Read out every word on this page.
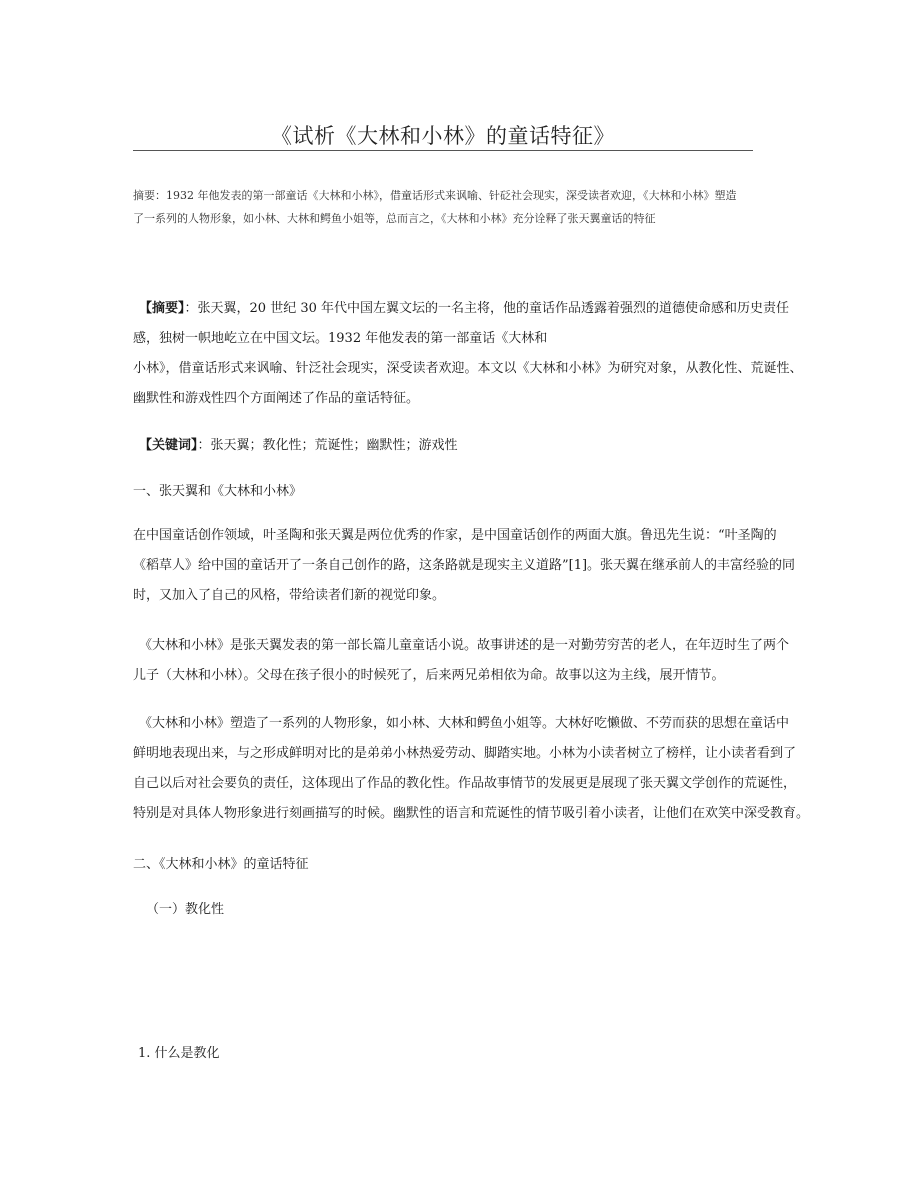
《试析《大林和小林》的童话特征》
摘要：1932 年他发表的第一部童话《大林和小林》，借童话形式来讽喻、针砭社会现实，深受读者欢迎，《大林和小林》塑造
了一系列的人物形象，如小林、大林和鳄鱼小姐等，总而言之，《大林和小林》充分诠释了张天翼童话的特征
【摘要】：张天翼，20 世纪 30 年代中国左翼文坛的一名主将，他的童话作品透露着强烈的道德使命感和历史责任
感，独树一帜地屹立在中国文坛。1932 年他发表的第一部童话《大林和
小林》，借童话形式来讽喻、针泛社会现实，深受读者欢迎。本文以《大林和小林》为研究对象，从教化性、荒诞性、
幽默性和游戏性四个方面阐述了作品的童话特征。
【关键词】：张天翼；教化性；荒诞性；幽默性；游戏性
一、张天翼和《大林和小林》
在中国童话创作领域，叶圣陶和张天翼是两位优秀的作家，是中国童话创作的两面大旗。鲁迅先生说：“叶圣陶的
《稻草人》给中国的童话开了一条自己创作的路，这条路就是现实主义道路”[1]。张天翼在继承前人的丰富经验的同
时，又加入了自己的风格，带给读者们新的视觉印象。
《大林和小林》是张天翼发表的第一部长篇儿童童话小说。故事讲述的是一对勤劳穷苦的老人，在年迈时生了两个
儿子（大林和小林）。父母在孩子很小的时候死了，后来两兄弟相依为命。故事以这为主线，展开情节。
《大林和小林》塑造了一系列的人物形象，如小林、大林和鳄鱼小姐等。大林好吃懒做、不劳而获的思想在童话中
鲜明地表现出来，与之形成鲜明对比的是弟弟小林热爱劳动、脚踏实地。小林为小读者树立了榜样，让小读者看到了
自己以后对社会要负的责任，这体现出了作品的教化性。作品故事情节的发展更是展现了张天翼文学创作的荒诞性，
特别是对具体人物形象进行刻画描写的时候。幽默性的语言和荒诞性的情节吸引着小读者，让他们在欢笑中深受教育。
二、《大林和小林》的童话特征
（一）教化性
1. 什么是教化
